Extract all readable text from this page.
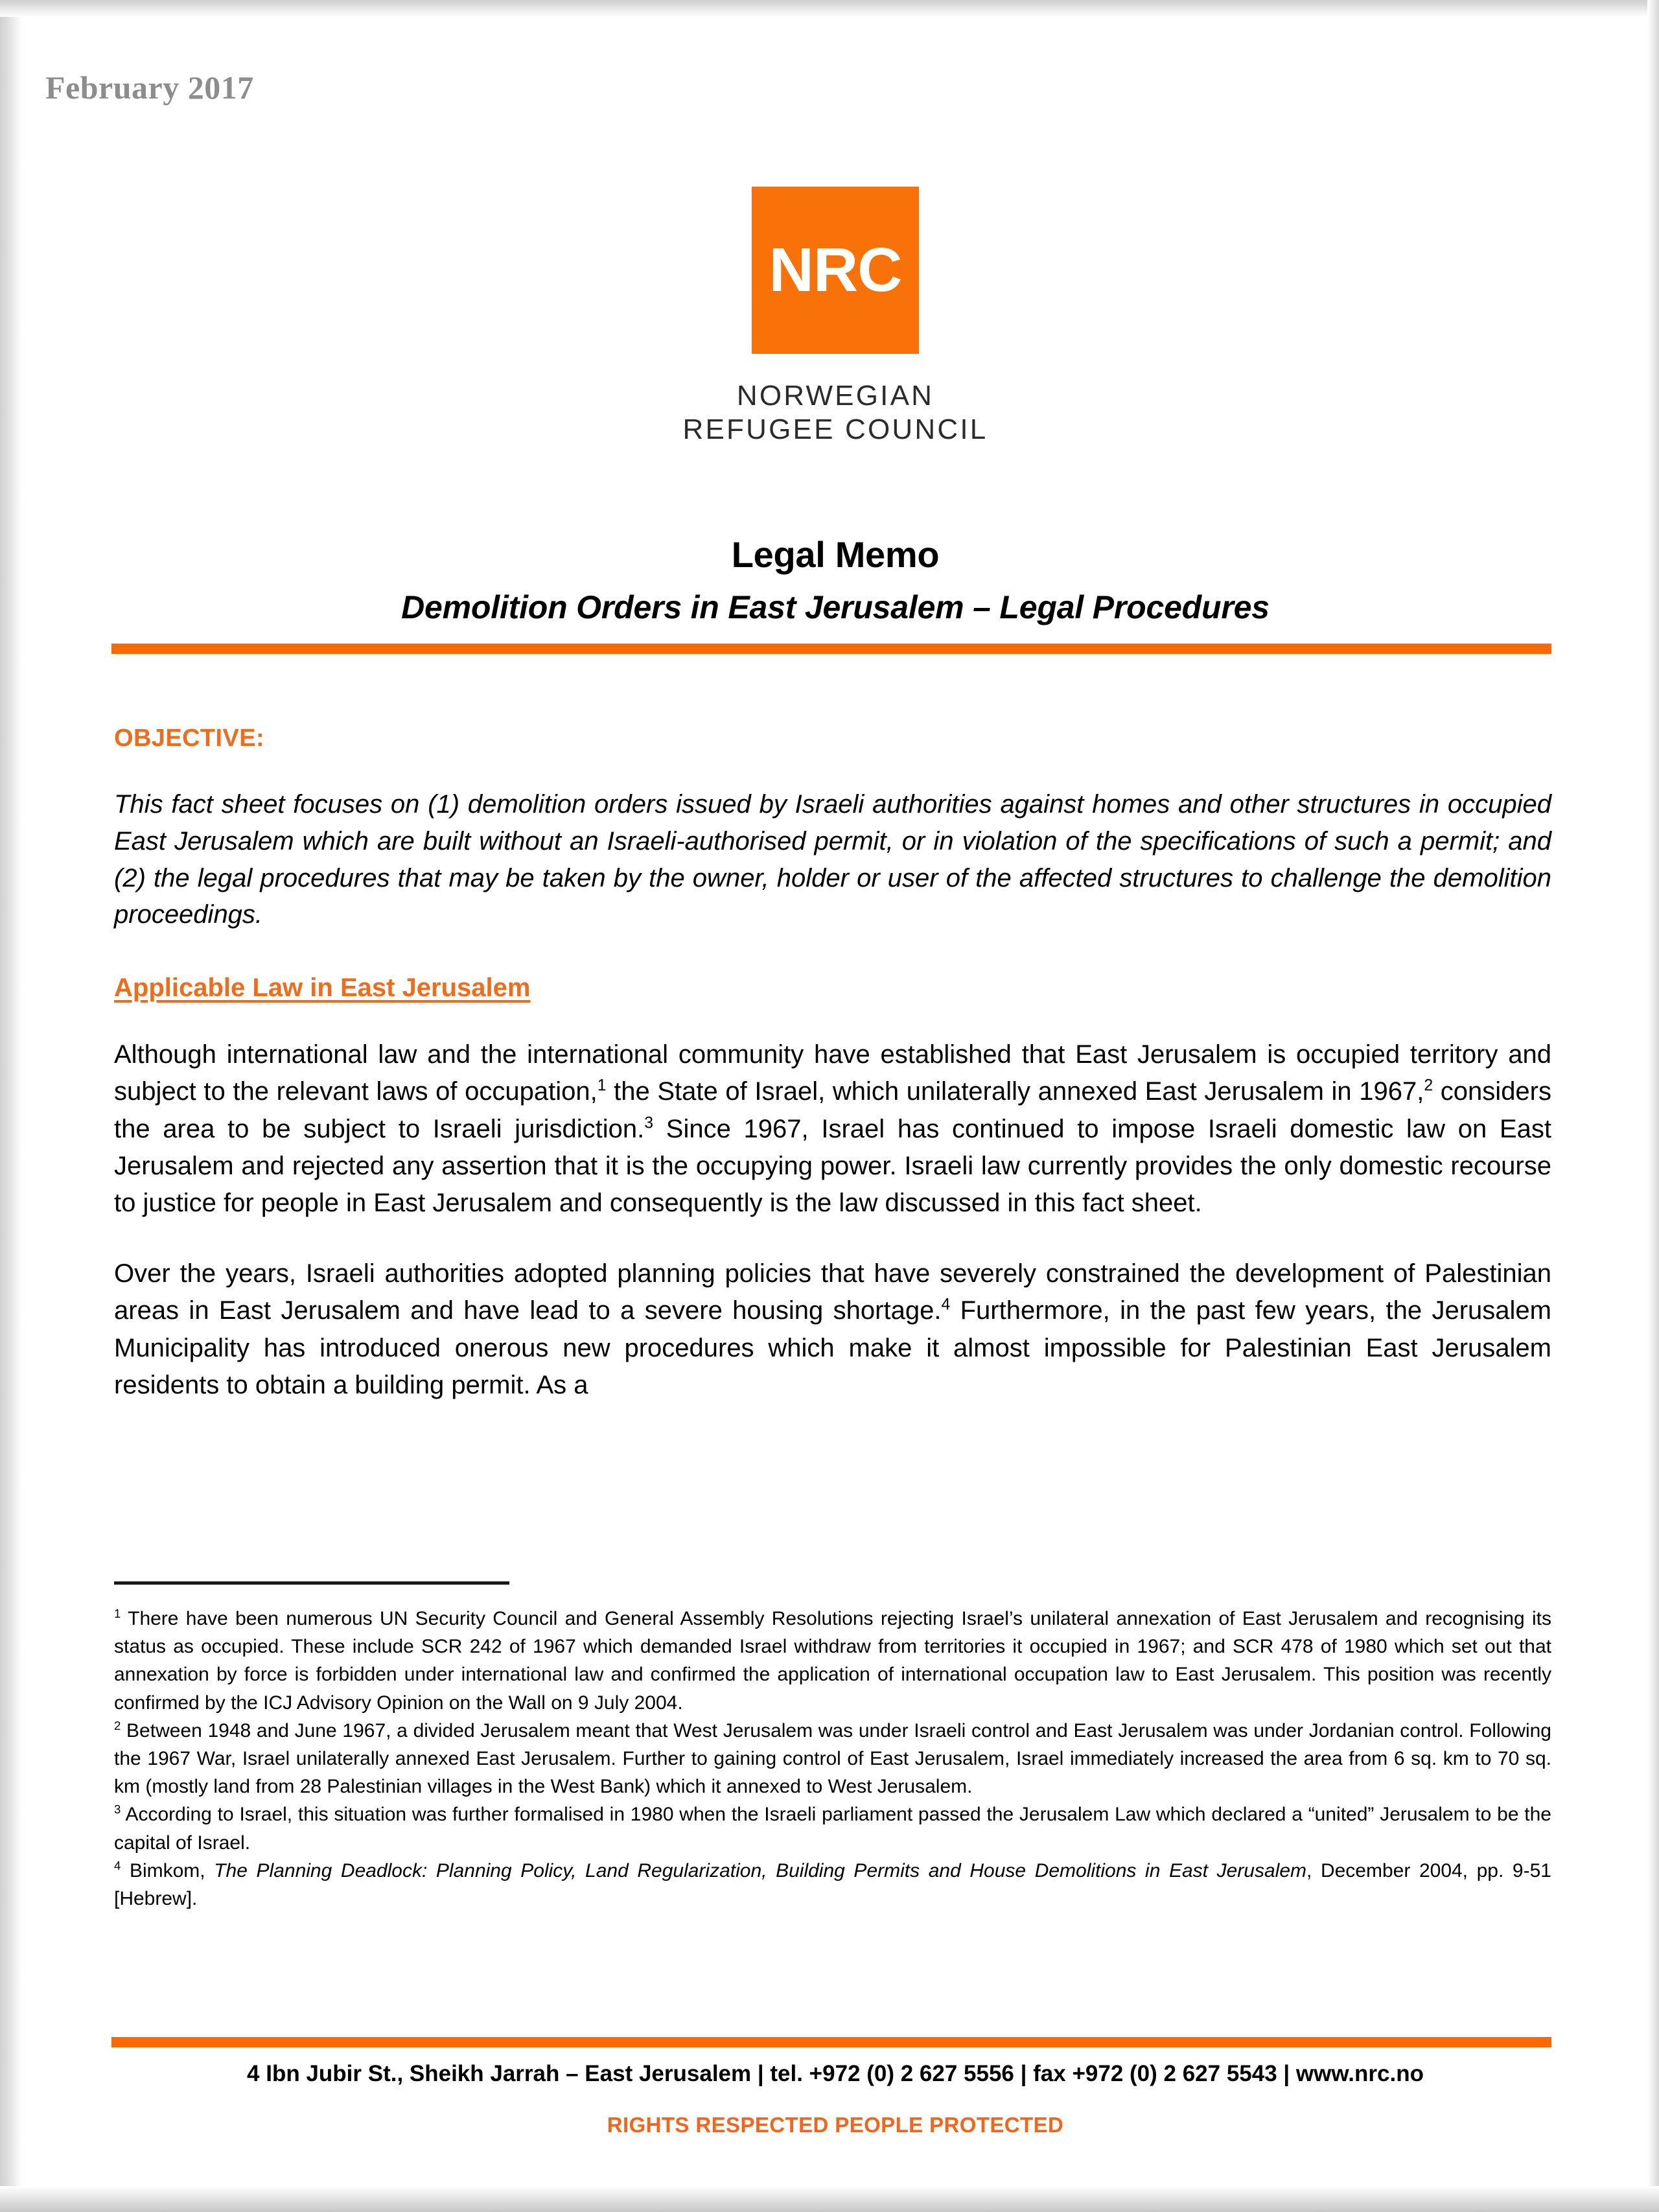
February 2017
NRC
NORWEGIAN
REFUGEE COUNCIL
Legal Memo
Demolition Orders in East Jerusalem – Legal Procedures

OBJECTIVE:

This fact sheet focuses on (1) demolition orders issued by Israeli authorities against homes and other structures in occupied East Jerusalem which are built without an Israeli-authorised permit, or in violation of the specifications of such a permit; and (2) the legal procedures that may be taken by the owner, holder or user of the affected structures to challenge the demolition proceedings.

Applicable Law in East Jerusalem

Although international law and the international community have established that East Jerusalem is occupied territory and subject to the relevant laws of occupation,$^1$ the State of Israel, which unilaterally annexed East Jerusalem in 1967,$^2$ considers the area to be subject to Israeli jurisdiction.$^3$ Since 1967, Israel has continued to impose Israeli domestic law on East Jerusalem and rejected any assertion that it is the occupying power. Israeli law currently provides the only domestic recourse to justice for people in East Jerusalem and consequently is the law discussed in this fact sheet.

Over the years, Israeli authorities adopted planning policies that have severely constrained the development of Palestinian areas in East Jerusalem and have lead to a severe housing shortage.$^4$ Furthermore, in the past few years, the Jerusalem Municipality has introduced onerous new procedures which make it almost impossible for Palestinian East Jerusalem residents to obtain a building permit. As a

$^1$ There have been numerous UN Security Council and General Assembly Resolutions rejecting Israel’s unilateral annexation of East Jerusalem and recognising its status as occupied. These include SCR 242 of 1967 which demanded Israel withdraw from territories it occupied in 1967; and SCR 478 of 1980 which set out that annexation by force is forbidden under international law and confirmed the application of international occupation law to East Jerusalem. This position was recently confirmed by the ICJ Advisory Opinion on the Wall on 9 July 2004.

$^2$ Between 1948 and June 1967, a divided Jerusalem meant that West Jerusalem was under Israeli control and East Jerusalem was under Jordanian control. Following the 1967 War, Israel unilaterally annexed East Jerusalem. Further to gaining control of East Jerusalem, Israel immediately increased the area from 6 sq. km to 70 sq. km (mostly land from 28 Palestinian villages in the West Bank) which it annexed to West Jerusalem.

$^3$ According to Israel, this situation was further formalised in 1980 when the Israeli parliament passed the Jerusalem Law which declared a “united” Jerusalem to be the capital of Israel.

$^4$ Bimkom, The Planning Deadlock: Planning Policy, Land Regularization, Building Permits and House Demolitions in East Jerusalem, December 2004, pp. 9-51 [Hebrew].

4 Ibn Jubir St., Sheikh Jarrah – East Jerusalem | tel. +972 (0) 2 627 5556 | fax +972 (0) 2 627 5543 | www.nrc.no
RIGHTS RESPECTED PEOPLE PROTECTED
